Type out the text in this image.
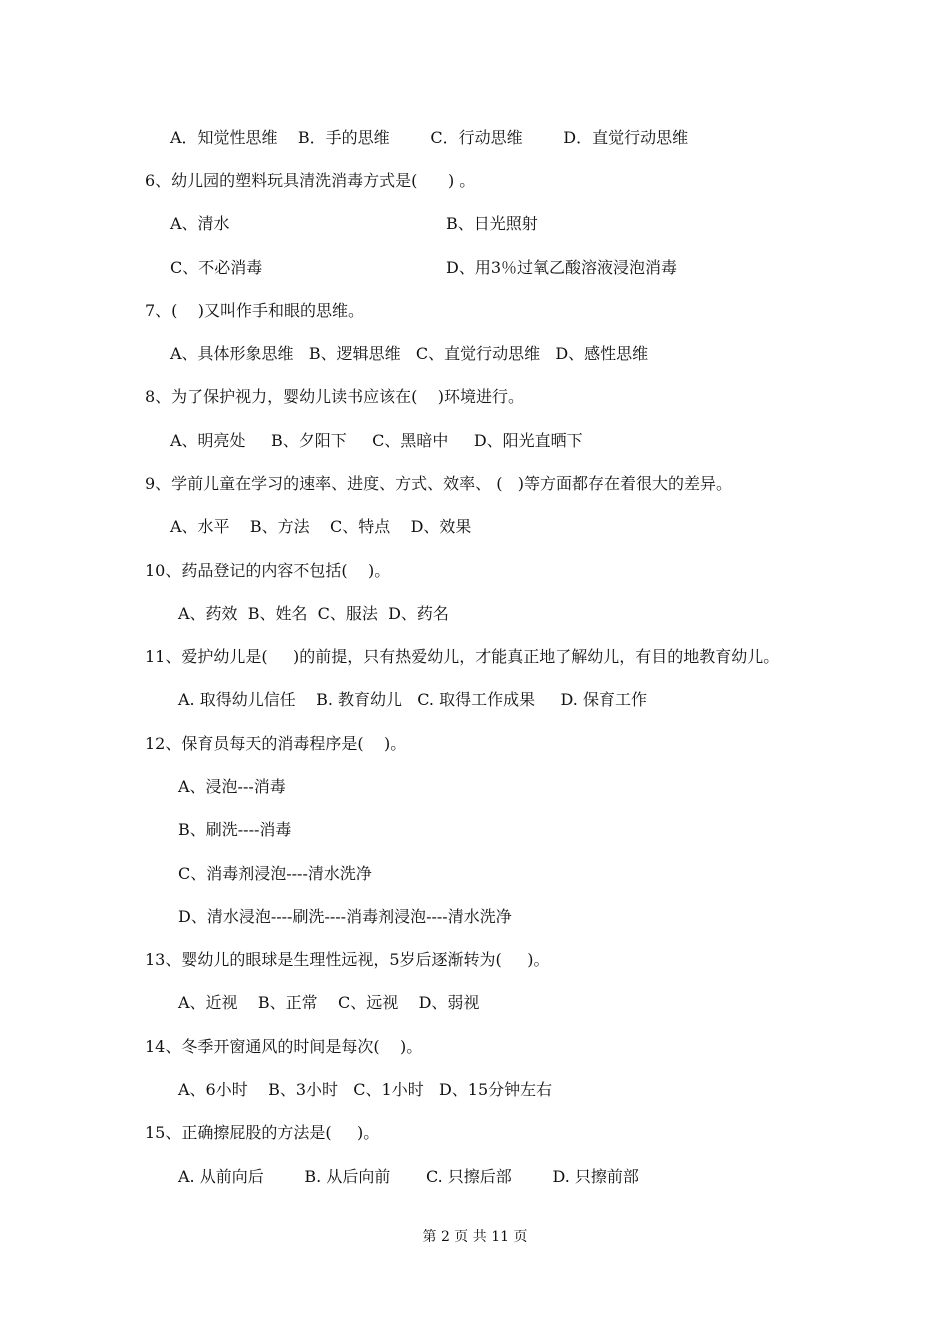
A．知觉性思维    B．手的思维        C．行动思维        D．直觉行动思维
6、幼儿园的塑料玩具清洗消毒方式是(      ) 。
A、清水	B、日光照射
C、不必消毒	D、用3％过氧乙酸溶液浸泡消毒
7、(    )又叫作手和眼的思维。
A、具体形象思维   B、逻辑思维   C、直觉行动思维   D、感性思维
8、为了保护视力，婴幼儿读书应该在(    )环境进行。
A、明亮处     B、夕阳下     C、黑暗中     D、阳光直晒下
9、学前儿童在学习的速率、进度、方式、效率、 (   )等方面都存在着很大的差异。
A、水平    B、方法    C、特点    D、效果
10、药品登记的内容不包括(    )。
A、药效  B、姓名  C、服法  D、药名
11、爱护幼儿是(     )的前提，只有热爱幼儿，才能真正地了解幼儿，有目的地教育幼儿。
A. 取得幼儿信任    B. 教育幼儿   C. 取得工作成果     D. 保育工作
12、保育员每天的消毒程序是(    )。
A、浸泡---消毒
B、刷洗----消毒
C、消毒剂浸泡----清水洗净
D、清水浸泡----刷洗----消毒剂浸泡----清水洗净
13、婴幼儿的眼球是生理性远视，5岁后逐渐转为(     )。
A、近视    B、正常    C、远视    D、弱视
14、冬季开窗通风的时间是每次(    )。
A、6小时    B、3小时   C、1小时   D、15分钟左右
15、正确擦屁股的方法是(     )。
A. 从前向后        B. 从后向前       C. 只擦后部        D. 只擦前部
第 2 页 共 11 页
